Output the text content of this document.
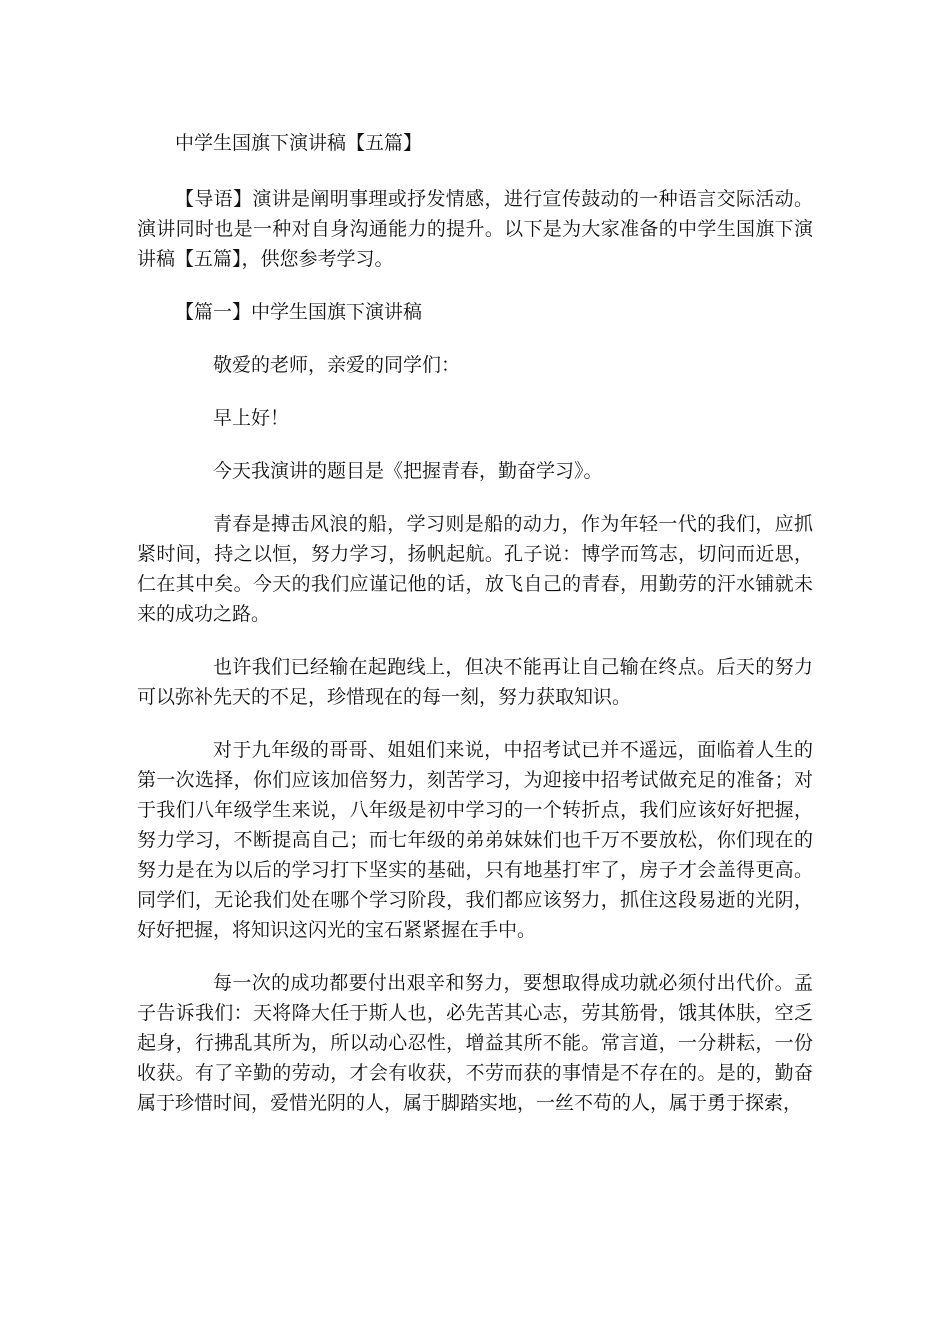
中学生国旗下演讲稿【五篇】

【导语】演讲是阐明事理或抒发情感，进行宣传鼓动的一种语言交际活动。演讲同时也是一种对自身沟通能力的提升。以下是为大家准备的中学生国旗下演讲稿【五篇】，供您参考学习。

【篇一】中学生国旗下演讲稿

敬爱的老师，亲爱的同学们：

早上好！

今天我演讲的题目是《把握青春，勤奋学习》。

青春是搏击风浪的船，学习则是船的动力，作为年轻一代的我们，应抓紧时间，持之以恒，努力学习，扬帆起航。孔子说：博学而笃志，切问而近思，仁在其中矣。今天的我们应谨记他的话，放飞自己的青春，用勤劳的汗水铺就未来的成功之路。

也许我们已经输在起跑线上，但决不能再让自己输在终点。后天的努力可以弥补先天的不足，珍惜现在的每一刻，努力获取知识。

对于九年级的哥哥、姐姐们来说，中招考试已并不遥远，面临着人生的第一次选择，你们应该加倍努力，刻苦学习，为迎接中招考试做充足的准备；对于我们八年级学生来说，八年级是初中学习的一个转折点，我们应该好好把握，努力学习，不断提高自己；而七年级的弟弟妹妹们也千万不要放松，你们现在的努力是在为以后的学习打下坚实的基础，只有地基打牢了，房子才会盖得更高。同学们，无论我们处在哪个学习阶段，我们都应该努力，抓住这段易逝的光阴，好好把握，将知识这闪光的宝石紧紧握在手中。

每一次的成功都要付出艰辛和努力，要想取得成功就必须付出代价。孟子告诉我们：天将降大任于斯人也，必先苦其心志，劳其筋骨，饿其体肤，空乏起身，行拂乱其所为，所以动心忍性，增益其所不能。常言道，一分耕耘，一份收获。有了辛勤的劳动，才会有收获，不劳而获的事情是不存在的。是的，勤奋属于珍惜时间，爱惜光阴的人，属于脚踏实地，一丝不苟的人，属于勇于探索，
